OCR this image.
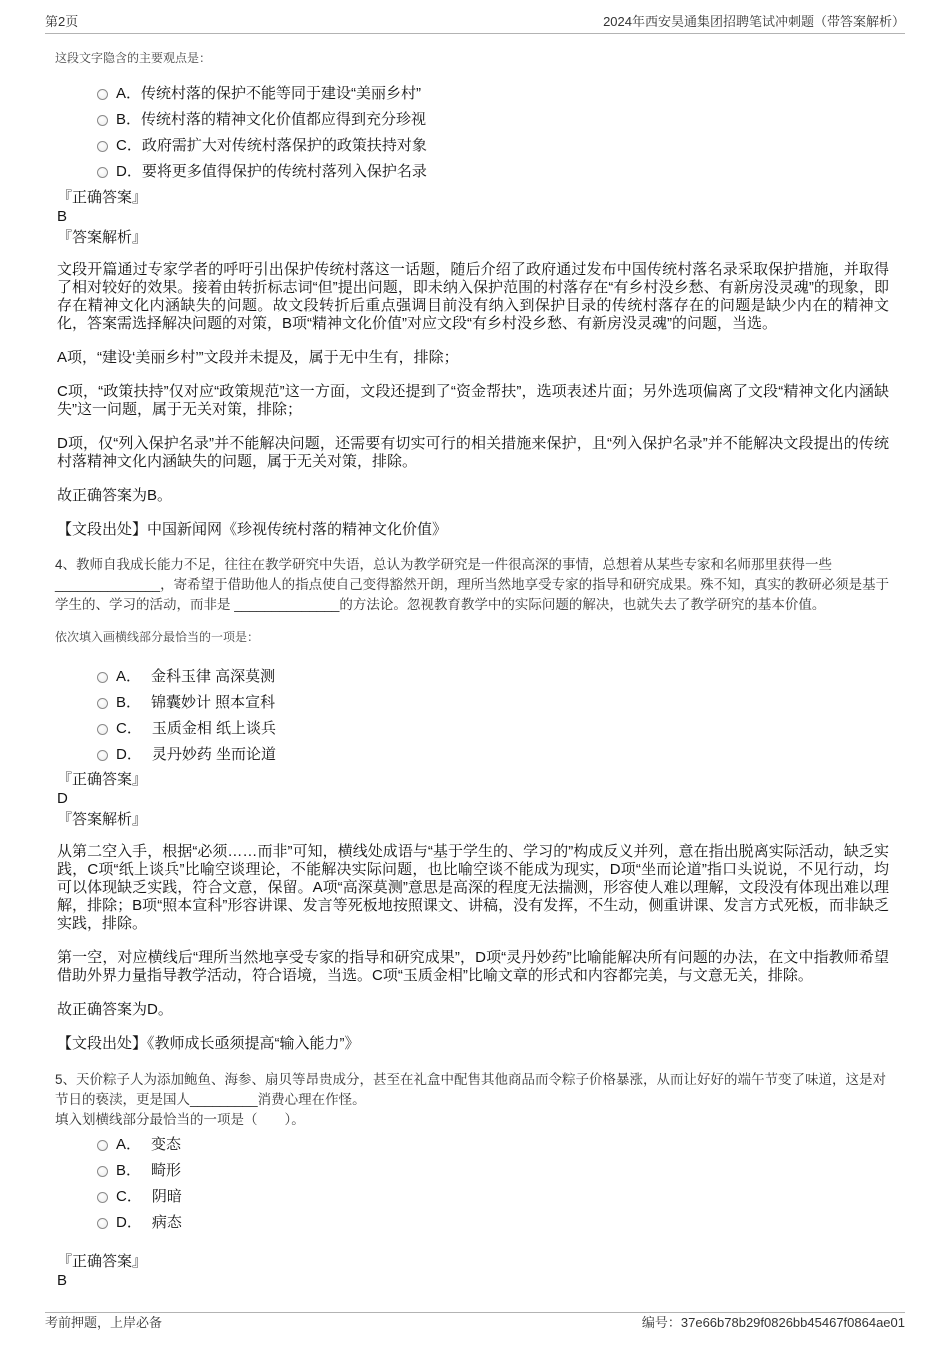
第2页	2024年西安昊通集团招聘笔试冲刺题（带答案解析）
这段文字隐含的主要观点是：
A． 传统村落的保护不能等同于建设“美丽乡村”
B． 传统村落的精神文化价值都应得到充分珍视
C． 政府需扩大对传统村落保护的政策扶持对象
D． 要将更多值得保护的传统村落列入保护名录
『正确答案』
B
『答案解析』

文段开篇通过专家学者的呼吁引出保护传统村落这一话题，随后介绍了政府通过发布中国传统村落名录采取保护措施，并取得了相对较好的效果。接着由转折标志词“但”提出问题，即未纳入保护范围的村落存在“有乡村没乡愁、有新房没灵魂”的现象，即存在精神文化内涵缺失的问题。故文段转折后重点强调目前没有纳入到保护目录的传统村落存在的问题是缺少内在的精神文化，答案需选择解决问题的对策，B项“精神文化价值”对应文段“有乡村没乡愁、有新房没灵魂”的问题，当选。

A项，“建设‘美丽乡村’”文段并未提及，属于无中生有，排除；

C项，“政策扶持”仅对应“政策规范”这一方面，文段还提到了“资金帮扶”，选项表述片面；另外选项偏离了文段“精神文化内涵缺失”这一问题，属于无关对策，排除；

D项，仅“列入保护名录”并不能解决问题，还需要有切实可行的相关措施来保护，且“列入保护名录”并不能解决文段提出的传统村落精神文化内涵缺失的问题，属于无关对策，排除。

故正确答案为B。

【文段出处】中国新闻网《珍视传统村落的精神文化价值》

4、教师自我成长能力不足，往往在教学研究中失语，总认为教学研究是一件很高深的事情，总想着从某些专家和名师那里获得一些______________，寄希望于借助他人的指点使自己变得豁然开朗，理所当然地享受专家的指导和研究成果。殊不知，真实的教研必须是基于学生的、学习的活动，而非是 ______________的方法论。忽视教育教学中的实际问题的解决，也就失去了教学研究的基本价值。
依次填入画横线部分最恰当的一项是：
A． 金科玉律 高深莫测
B． 锦囊妙计 照本宣科
C． 玉质金相 纸上谈兵
D． 灵丹妙药 坐而论道
『正确答案』
D
『答案解析』

从第二空入手，根据“必须……而非”可知，横线处成语与“基于学生的、学习的”构成反义并列，意在指出脱离实际活动，缺乏实践，C项“纸上谈兵”比喻空谈理论，不能解决实际问题，也比喻空谈不能成为现实，D项“坐而论道”指口头说说，不见行动，均可以体现缺乏实践，符合文意，保留。A项“高深莫测”意思是高深的程度无法揣测，形容使人难以理解，文段没有体现出难以理解，排除；B项“照本宣科”形容讲课、发言等死板地按照课文、讲稿，没有发挥，不生动，侧重讲课、发言方式死板，而非缺乏实践，排除。

第一空，对应横线后“理所当然地享受专家的指导和研究成果”，D项“灵丹妙药”比喻能解决所有问题的办法，在文中指教师希望借助外界力量指导教学活动，符合语境，当选。C项“玉质金相”比喻文章的形式和内容都完美，与文意无关，排除。

故正确答案为D。

【文段出处】《教师成长亟须提高“输入能力”》

5、天价粽子人为添加鲍鱼、海参、扇贝等昂贵成分，甚至在礼盒中配售其他商品而令粽子价格暴涨，从而让好好的端午节变了味道，这是对节日的亵渎，更是国人_________消费心理在作怪。
填入划横线部分最恰当的一项是（　　）。
A． 变态
B． 畸形
C． 阴暗
D． 病态
『正确答案』
B
考前押题，上岸必备	编号：37e66b78b29f0826bb45467f0864ae01
